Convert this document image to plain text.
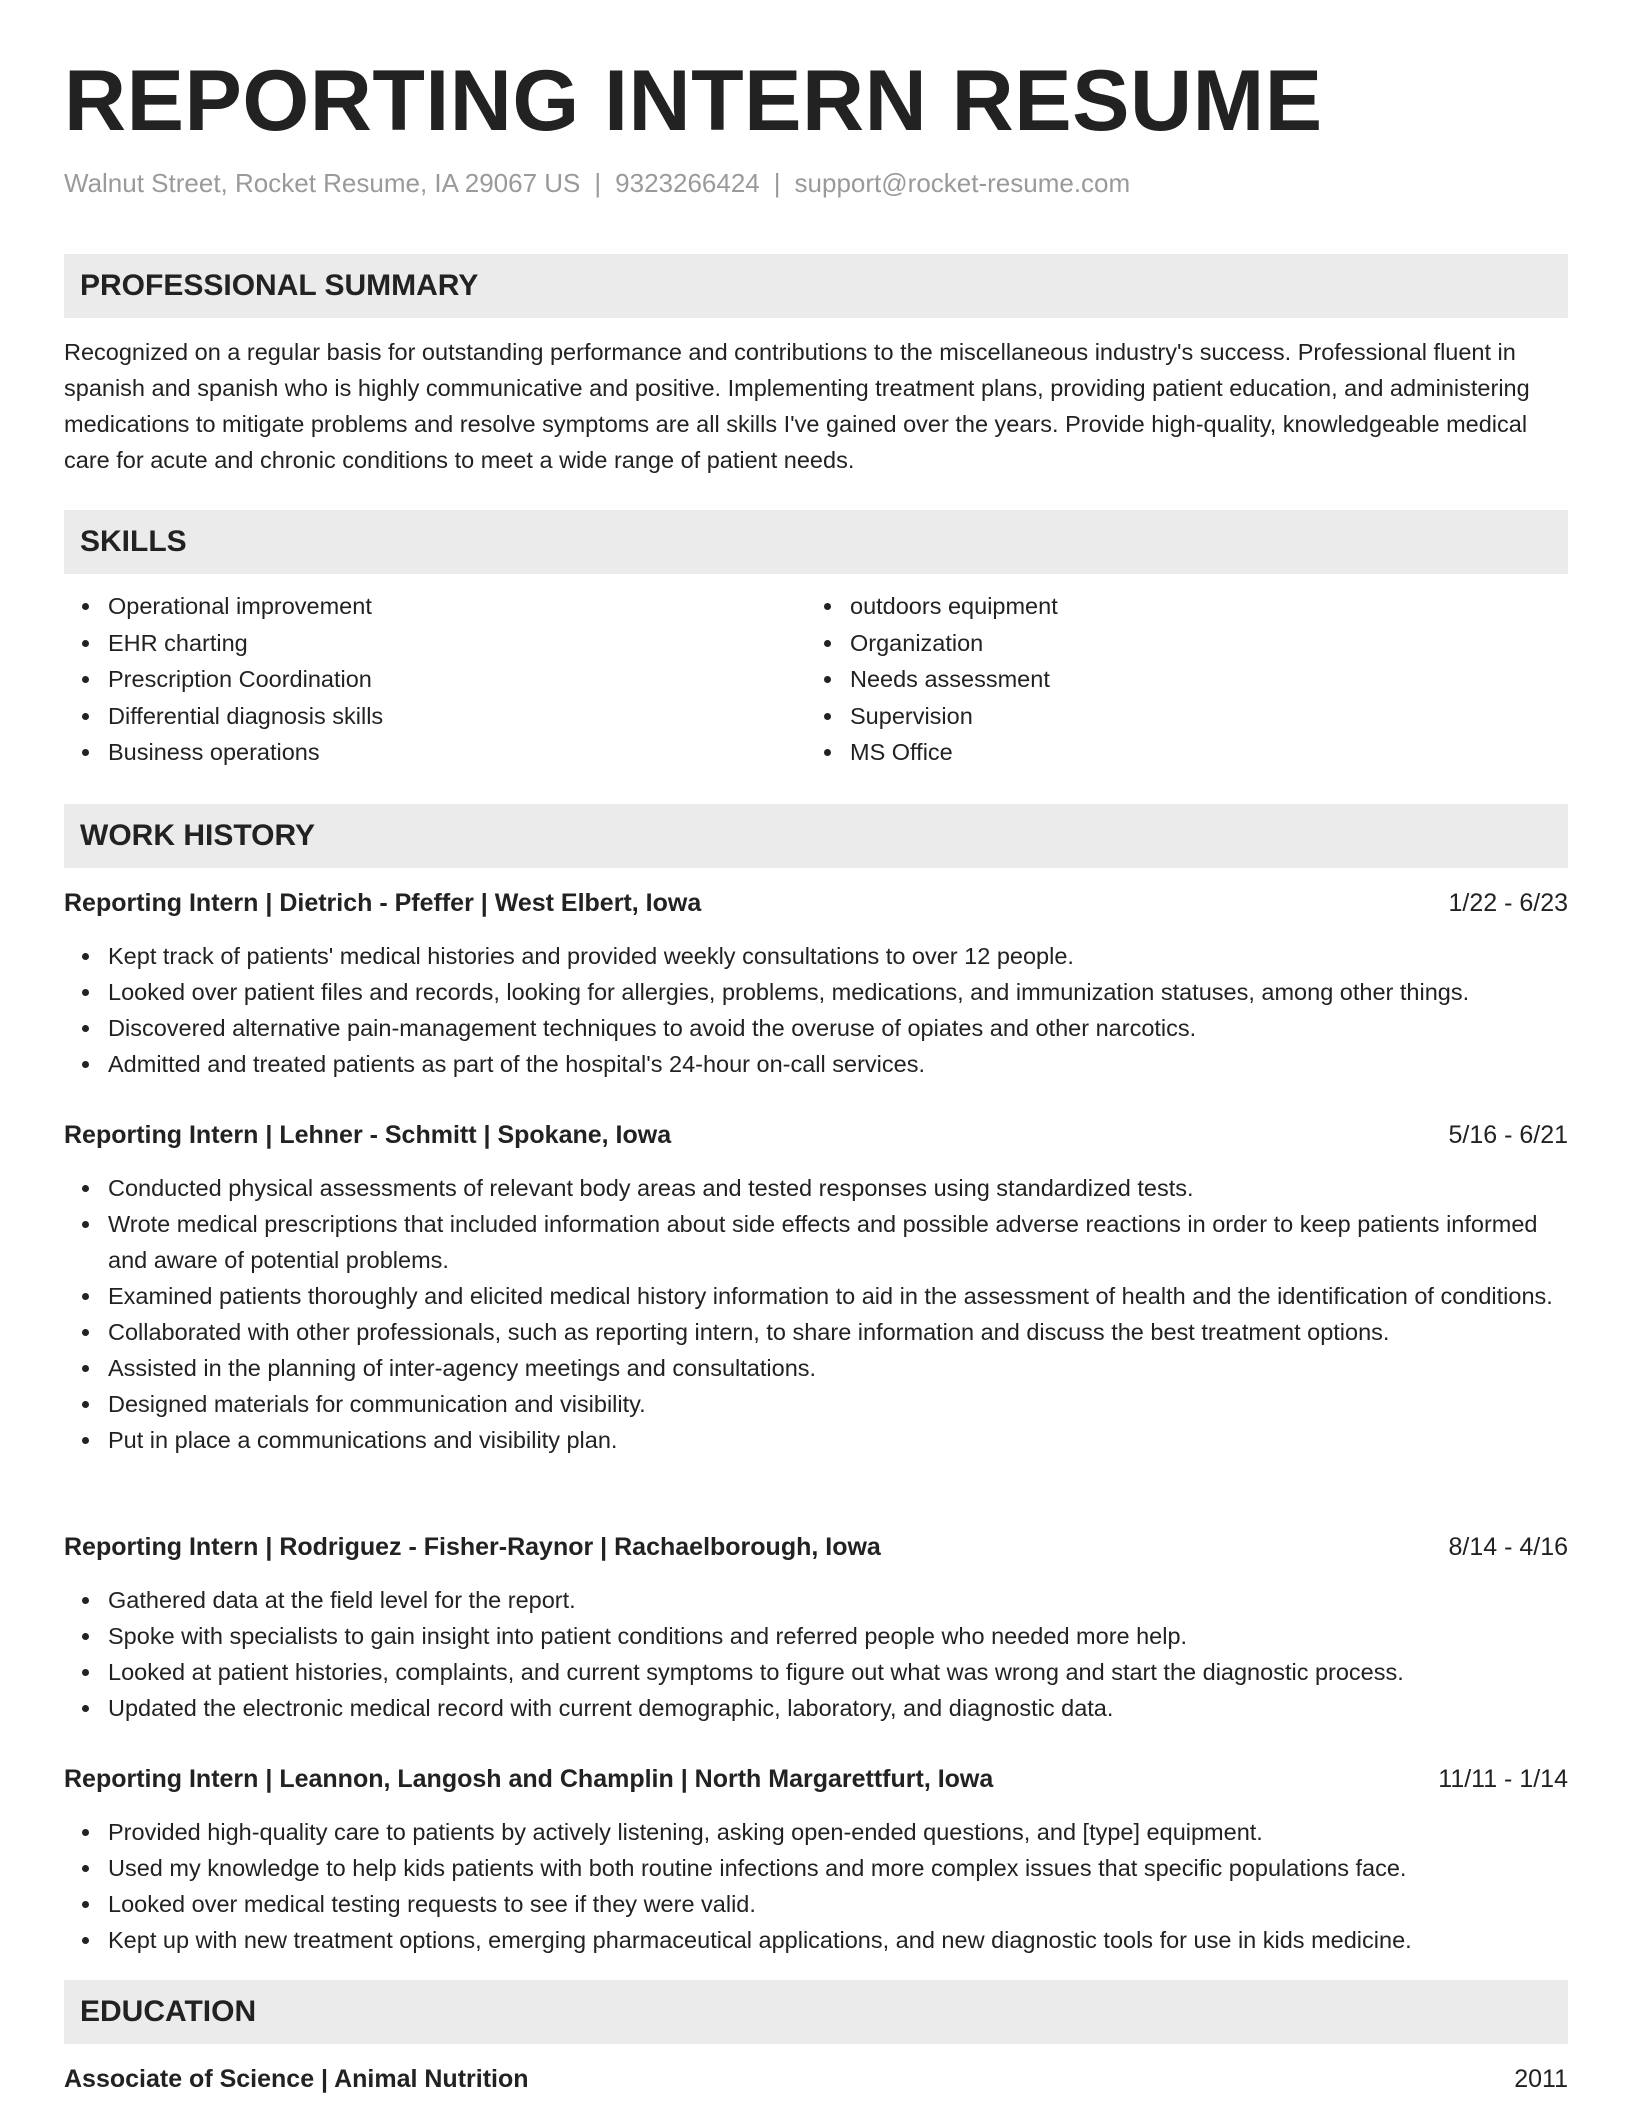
REPORTING INTERN RESUME
Walnut Street, Rocket Resume, IA 29067 US | 9323266424 | support@rocket-resume.com
PROFESSIONAL SUMMARY

Recognized on a regular basis for outstanding performance and contributions to the miscellaneous industry's success. Professional fluent in spanish and spanish who is highly communicative and positive. Implementing treatment plans, providing patient education, and administering medications to mitigate problems and resolve symptoms are all skills I've gained over the years. Provide high-quality, knowledgeable medical care for acute and chronic conditions to meet a wide range of patient needs.

SKILLS
Operational improvement
EHR charting
Prescription Coordination
Differential diagnosis skills
Business operations
outdoors equipment
Organization
Needs assessment
Supervision
MS Office
WORK HISTORY
Reporting Intern | Dietrich - Pfeffer | West Elbert, Iowa	1/22 - 6/23
Kept track of patients' medical histories and provided weekly consultations to over 12 people.
Looked over patient files and records, looking for allergies, problems, medications, and immunization statuses, among other things.
Discovered alternative pain-management techniques to avoid the overuse of opiates and other narcotics.
Admitted and treated patients as part of the hospital's 24-hour on-call services.
Reporting Intern | Lehner - Schmitt | Spokane, Iowa	5/16 - 6/21
Conducted physical assessments of relevant body areas and tested responses using standardized tests.
Wrote medical prescriptions that included information about side effects and possible adverse reactions in order to keep patients informed and aware of potential problems.
Examined patients thoroughly and elicited medical history information to aid in the assessment of health and the identification of conditions.
Collaborated with other professionals, such as reporting intern, to share information and discuss the best treatment options.
Assisted in the planning of inter-agency meetings and consultations.
Designed materials for communication and visibility.
Put in place a communications and visibility plan.
Reporting Intern | Rodriguez - Fisher-Raynor | Rachaelborough, Iowa	8/14 - 4/16
Gathered data at the field level for the report.
Spoke with specialists to gain insight into patient conditions and referred people who needed more help.
Looked at patient histories, complaints, and current symptoms to figure out what was wrong and start the diagnostic process.
Updated the electronic medical record with current demographic, laboratory, and diagnostic data.
Reporting Intern | Leannon, Langosh and Champlin | North Margarettfurt, Iowa	11/11 - 1/14
Provided high-quality care to patients by actively listening, asking open-ended questions, and [type] equipment.
Used my knowledge to help kids patients with both routine infections and more complex issues that specific populations face.
Looked over medical testing requests to see if they were valid.
Kept up with new treatment options, emerging pharmaceutical applications, and new diagnostic tools for use in kids medicine.
EDUCATION
Associate of Science | Animal Nutrition	2011
